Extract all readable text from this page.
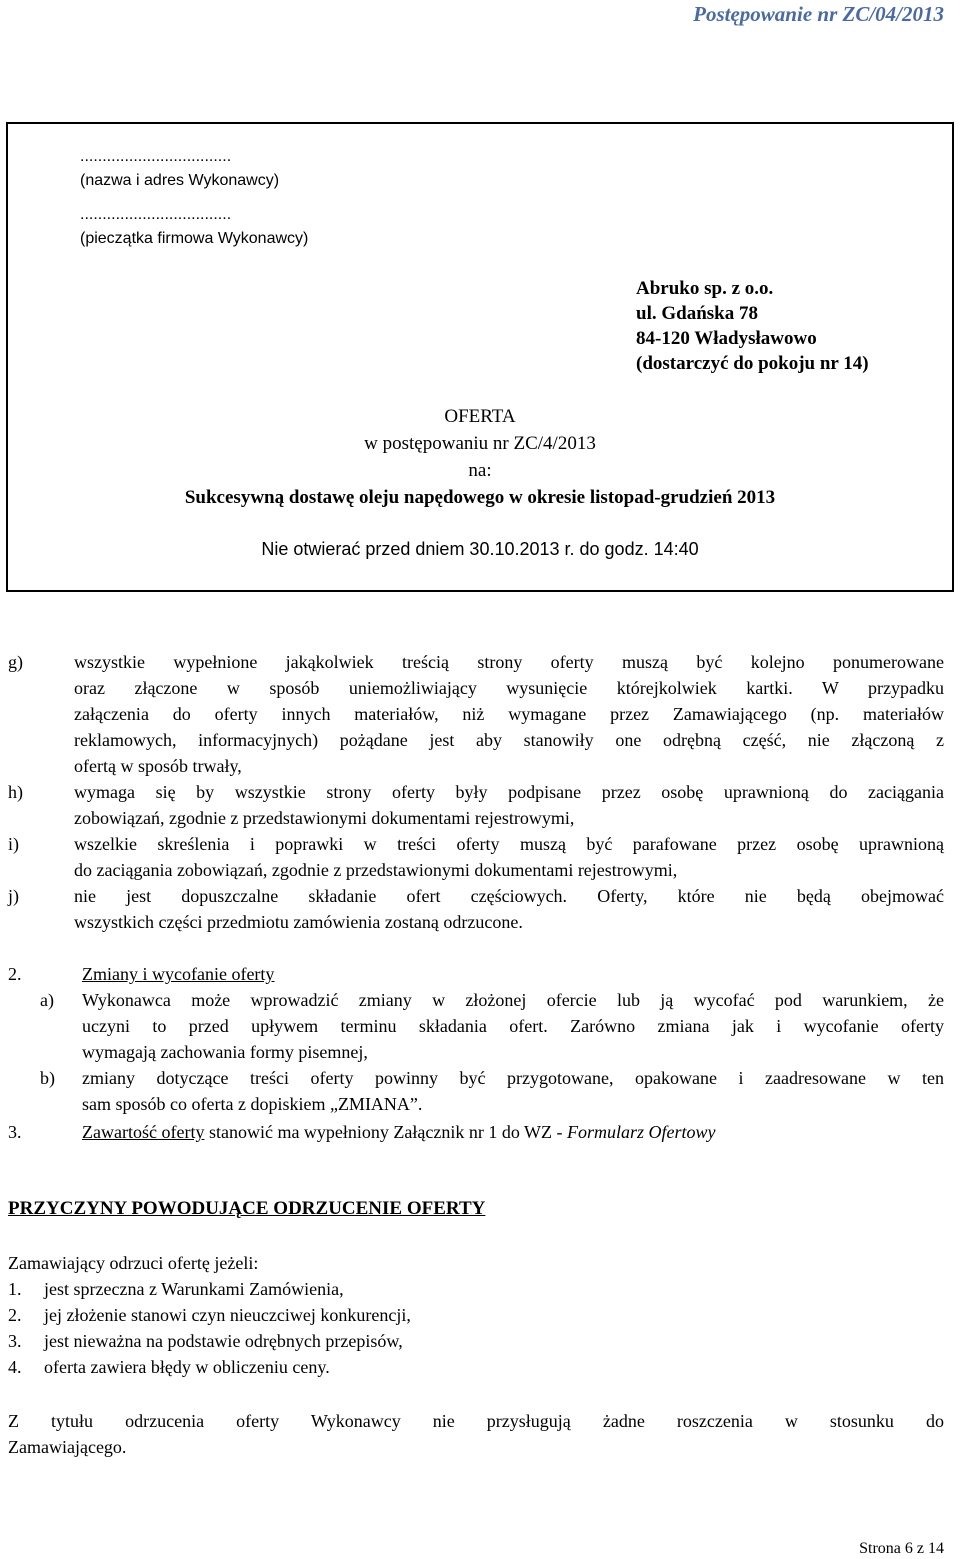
Postępowanie nr ZC/04/2013
..................................
(nazwa i adres Wykonawcy)
..................................
(pieczątka firmowa Wykonawcy)
Abruko sp. z o.o.
ul. Gdańska 78
84-120 Władysławowo
(dostarczyć do pokoju nr 14)
OFERTA
w postępowaniu nr ZC/4/2013
na:
Sukcesywną dostawę oleju napędowego w okresie listopad-grudzień 2013
Nie otwierać przed dniem 30.10.2013 r. do godz. 14:40
g)	wszystkie wypełnione jakąkolwiek treścią strony oferty muszą być kolejno ponumerowane
oraz złączone w sposób uniemożliwiający wysunięcie którejkolwiek kartki. W przypadku
załączenia do oferty innych materiałów, niż wymagane przez Zamawiającego (np. materiałów
reklamowych, informacyjnych) pożądane jest aby stanowiły one odrębną część, nie złączoną z
ofertą w sposób trwały,
h)	wymaga się by wszystkie strony oferty były podpisane przez osobę uprawnioną do zaciągania
zobowiązań, zgodnie z przedstawionymi dokumentami rejestrowymi,
i)	wszelkie skreślenia i poprawki w treści oferty muszą być parafowane przez osobę uprawnioną
do zaciągania zobowiązań, zgodnie z przedstawionymi dokumentami rejestrowymi,
j)	nie jest dopuszczalne składanie ofert częściowych. Oferty, które nie będą obejmować
wszystkich części przedmiotu zamówienia zostaną odrzucone.
2.	Zmiany i wycofanie oferty
a) Wykonawca może wprowadzić zmiany w złożonej ofercie lub ją wycofać pod warunkiem, że
uczyni to przed upływem terminu składania ofert. Zarówno zmiana jak i wycofanie oferty
wymagają zachowania formy pisemnej,
b) zmiany dotyczące treści oferty powinny być przygotowane, opakowane i zaadresowane w ten
sam sposób co oferta z dopiskiem „ZMIANA”.
3.	Zawartość oferty stanowić ma wypełniony Załącznik nr 1 do WZ - Formularz Ofertowy
PRZYCZYNY POWODUJĄCE ODRZUCENIE OFERTY
Zamawiający odrzuci ofertę jeżeli:
1. jest sprzeczna z Warunkami Zamówienia,
2. jej złożenie stanowi czyn nieuczciwej konkurencji,
3. jest nieważna na podstawie odrębnych przepisów,
4. oferta zawiera błędy w obliczeniu ceny.
Z tytułu odrzucenia oferty Wykonawcy nie przysługują żadne roszczenia w stosunku do
Zamawiającego.
Strona 6 z 14
